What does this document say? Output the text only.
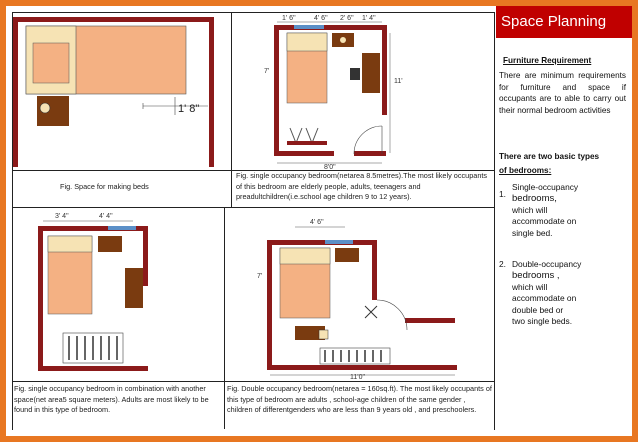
1' 8"
Fig. Space for making beds
1' 6"	4' 6" 2' 6" 1' 4"
7'
11'
8'0"
Fig. single occupancy bedroom(netarea 8.5metres).The most likely occupants of this bedroom are elderly people, adults, teenagers and preadultchildren(i.e.school age children 9 to 12 years).
3' 4"	4' 4"
Fig. single occupancy bedroom in combination with another space(net area5 square meters). Adults are most likely to be found in this type of bedroom.
4' 6"
7'
11'0"
Fig. Double occupancy bedroom(netarea = 160sq.ft). The most likely occupants of this type of bedroom are adults , school-age children of the same gender , children of differentgenders who are less than 9 years old , and preschoolers.
Space Planning
Furniture Requirement
There are minimum requirements for furniture and space if occupants are to able to carry out their normal bedroom activities
There are two basic types
of bedrooms:
1.
Single-occupancy
bedrooms,
which will
accommodate on
single bed.
2. Double-occupancy
bedrooms ,
which will
accommodate on
double bed or
two single beds.
